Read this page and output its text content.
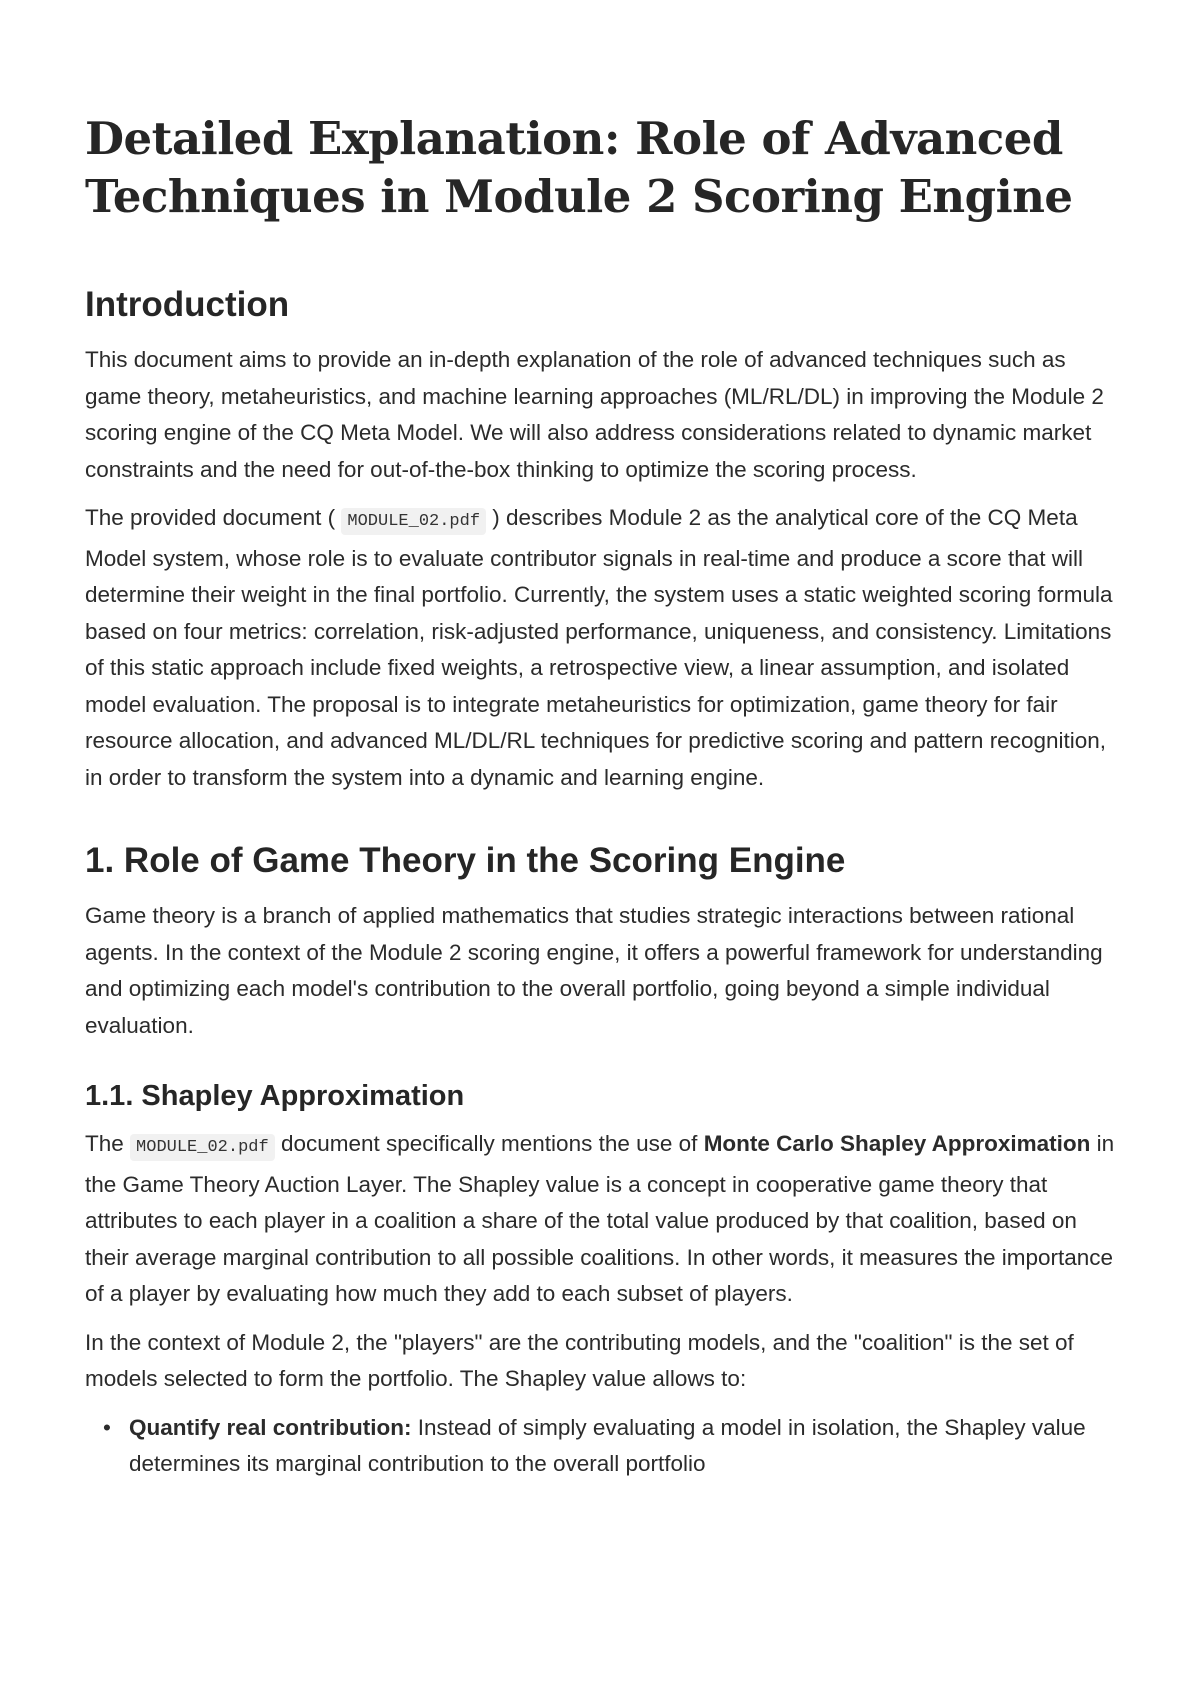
Detailed Explanation: Role of Advanced Techniques in Module 2 Scoring Engine
Introduction

This document aims to provide an in-depth explanation of the role of advanced techniques such as game theory, metaheuristics, and machine learning approaches (ML/RL/DL) in improving the Module 2 scoring engine of the CQ Meta Model. We will also address considerations related to dynamic market constraints and the need for out-of-the-box thinking to optimize the scoring process.

The provided document ( MODULE_02.pdf ) describes Module 2 as the analytical core of the CQ Meta Model system, whose role is to evaluate contributor signals in real-time and produce a score that will determine their weight in the final portfolio. Currently, the system uses a static weighted scoring formula based on four metrics: correlation, risk-adjusted performance, uniqueness, and consistency. Limitations of this static approach include fixed weights, a retrospective view, a linear assumption, and isolated model evaluation. The proposal is to integrate metaheuristics for optimization, game theory for fair resource allocation, and advanced ML/DL/RL techniques for predictive scoring and pattern recognition, in order to transform the system into a dynamic and learning engine.

1. Role of Game Theory in the Scoring Engine

Game theory is a branch of applied mathematics that studies strategic interactions between rational agents. In the context of the Module 2 scoring engine, it offers a powerful framework for understanding and optimizing each model's contribution to the overall portfolio, going beyond a simple individual evaluation.

1.1. Shapley Approximation

The MODULE_02.pdf document specifically mentions the use of Monte Carlo Shapley Approximation in the Game Theory Auction Layer. The Shapley value is a concept in cooperative game theory that attributes to each player in a coalition a share of the total value produced by that coalition, based on their average marginal contribution to all possible coalitions. In other words, it measures the importance of a player by evaluating how much they add to each subset of players.

In the context of Module 2, the "players" are the contributing models, and the "coalition" is the set of models selected to form the portfolio. The Shapley value allows to:

• Quantify real contribution: Instead of simply evaluating a model in isolation, the Shapley value determines its marginal contribution to the overall portfolio
